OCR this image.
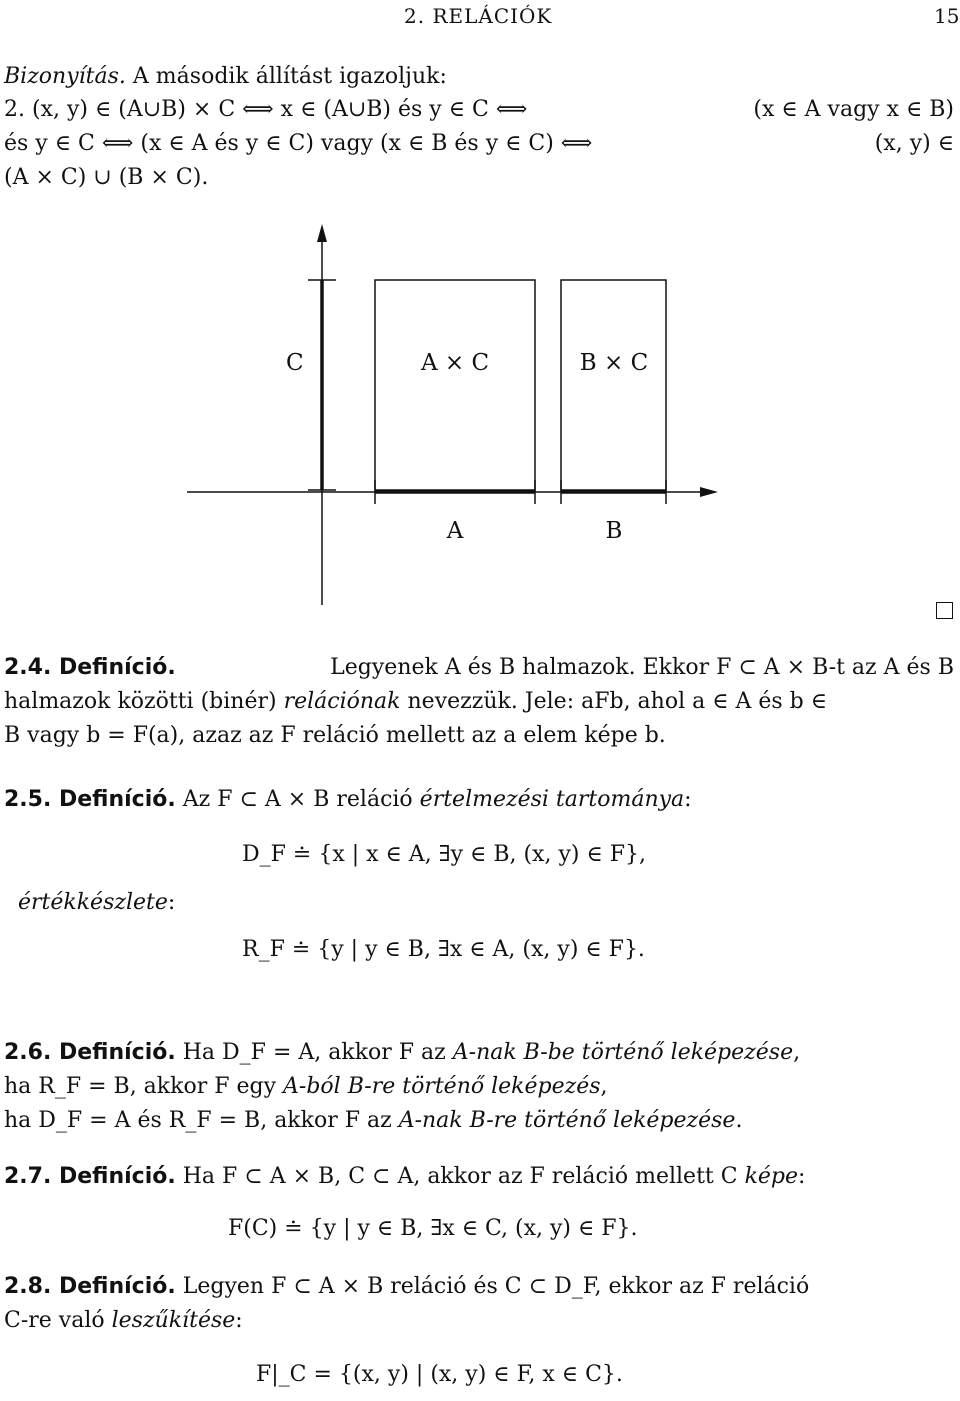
2. RELÁCIÓK	15
Bizonyítás. A második állítást igazoljuk:
2. (x, y) ∈ (A∪B) × C ⟺ x ∈ (A∪B) és y ∈ C ⟺	(x ∈ A vagy x ∈ B)
és y ∈ C ⟺ (x ∈ A és y ∈ C) vagy (x ∈ B és y ∈ C) ⟺	(x, y) ∈
(A × C) ∪ (B × C).
C	A × C	B × C
A	B
2.4. Definíció.	Legyenek A és B halmazok. Ekkor F ⊂ A × B-t az A és B
halmazok közötti (binér) relációnak nevezzük. Jele: aFb, ahol a ∈ A és b ∈
B vagy b = F(a), azaz az F reláció mellett az a elem képe b.
2.5. Definíció. Az F ⊂ A × B reláció értelmezési tartománya:
D_F ≐ {x | x ∈ A, ∃y ∈ B, (x, y) ∈ F},
értékkészlete:
R_F ≐ {y | y ∈ B, ∃x ∈ A, (x, y) ∈ F}.
2.6. Definíció. Ha D_F = A, akkor F az A-nak B-be történő leképezése,
ha R_F = B, akkor F egy A-ból B-re történő leképezés,
ha D_F = A és R_F = B, akkor F az A-nak B-re történő leképezése.
2.7. Definíció. Ha F ⊂ A × B, C ⊂ A, akkor az F reláció mellett C képe:
F(C) ≐ {y | y ∈ B, ∃x ∈ C, (x, y) ∈ F}.
2.8. Definíció. Legyen F ⊂ A × B reláció és C ⊂ D_F, ekkor az F reláció
C-re való leszűkítése:
F|_C = {(x, y) | (x, y) ∈ F, x ∈ C}.
